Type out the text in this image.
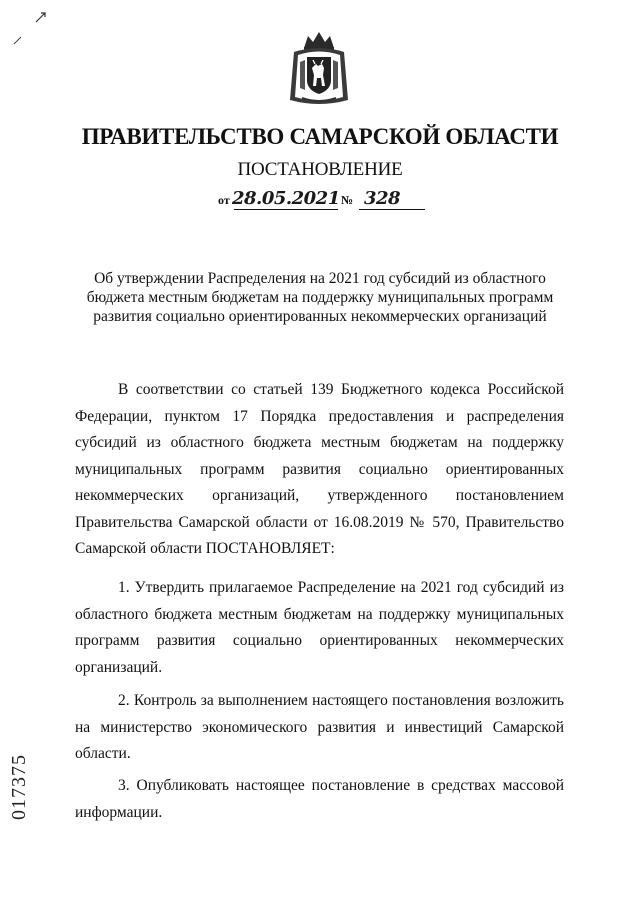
ПРАВИТЕЛЬСТВО САМАРСКОЙ ОБЛАСТИ
ПОСТАНОВЛЕНИЕ
от 28.05.2021 № 328
Об утверждении Распределения на 2021 год субсидий из областного
бюджета местным бюджетам на поддержку муниципальных программ
развития социально ориентированных некоммерческих организаций
В соответствии со статьей 139 Бюджетного кодекса Российской
Федерации, пунктом 17 Порядка предоставления и распределения
субсидий из областного бюджета местным бюджетам на поддержку
муниципальных программ развития социально ориентированных
некоммерческих организаций, утвержденного постановлением
Правительства Самарской области от 16.08.2019 № 570, Правительство
Самарской области ПОСТАНОВЛЯЕТ:
1. Утвердить прилагаемое Распределение на 2021 год субсидий из
областного бюджета местным бюджетам на поддержку муниципальных
программ развития социально ориентированных некоммерческих
организаций.
2. Контроль за выполнением настоящего постановления возложить
на министерство экономического развития и инвестиций Самарской
области.
3. Опубликовать настоящее постановление в средствах массовой
информации.
017375
